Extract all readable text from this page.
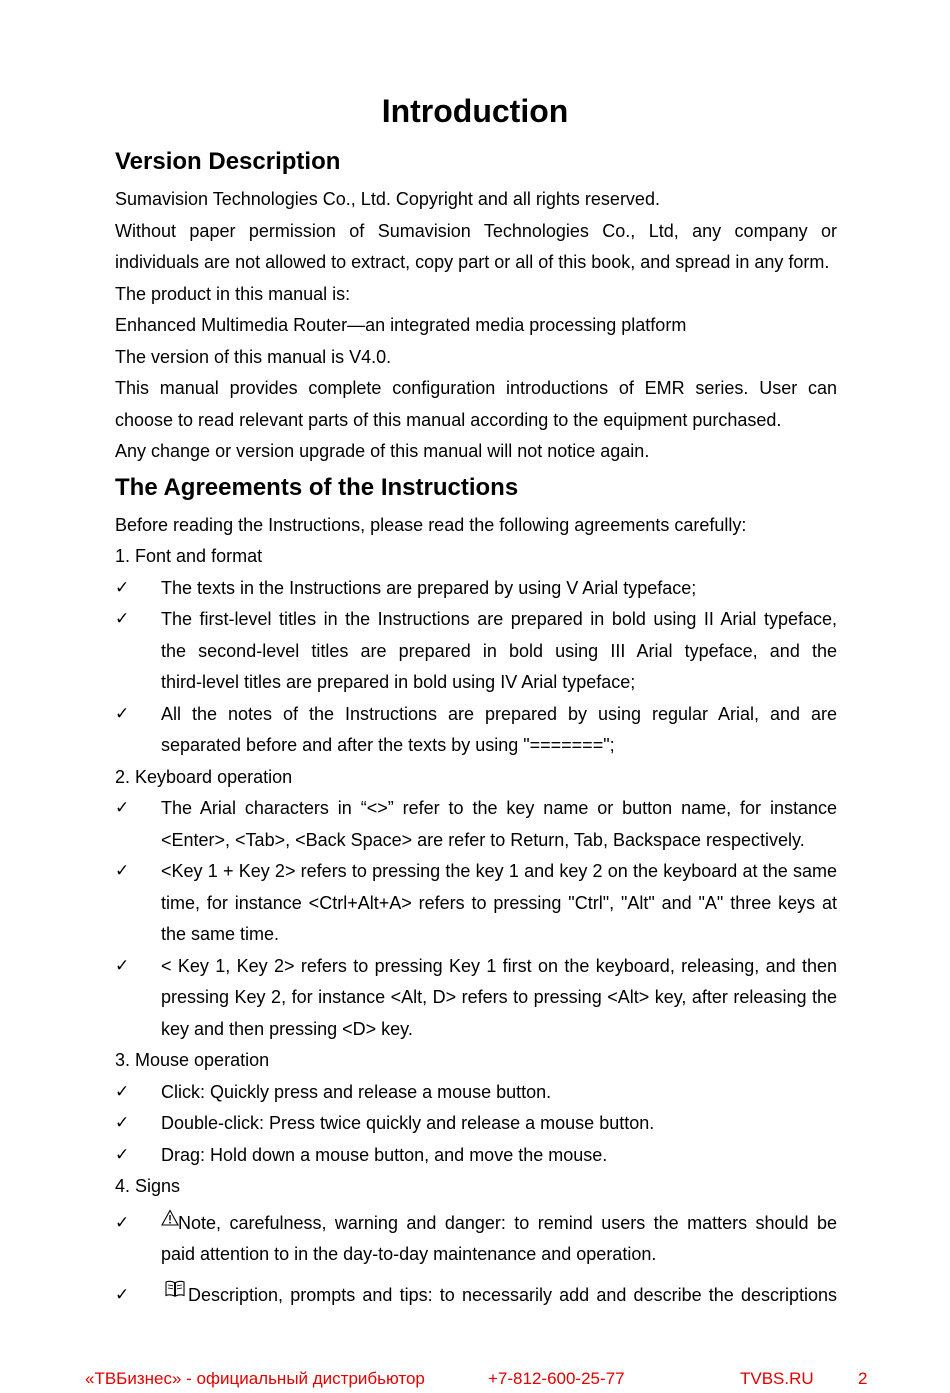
Introduction
Version Description
Sumavision Technologies Co., Ltd. Copyright and all rights reserved.
Without paper permission of Sumavision Technologies Co., Ltd, any company or
individuals are not allowed to extract, copy part or all of this book, and spread in any form.
The product in this manual is:
Enhanced Multimedia Router—an integrated media processing platform
The version of this manual is V4.0.
This manual provides complete configuration introductions of EMR series. User can
choose to read relevant parts of this manual according to the equipment purchased.
Any change or version upgrade of this manual will not notice again.
The Agreements of the Instructions
Before reading the Instructions, please read the following agreements carefully:
1. Font and format
✓ The texts in the Instructions are prepared by using V Arial typeface;
✓ The first-level titles in the Instructions are prepared in bold using II Arial typeface,
the second-level titles are prepared in bold using III Arial typeface, and the
third-level titles are prepared in bold using IV Arial typeface;
✓ All the notes of the Instructions are prepared by using regular Arial, and are
separated before and after the texts by using "=======";
2. Keyboard operation
✓ The Arial characters in “<>” refer to the key name or button name, for instance
<Enter>, <Tab>, <Back Space> are refer to Return, Tab, Backspace respectively.
✓ <Key 1 + Key 2> refers to pressing the key 1 and key 2 on the keyboard at the same
time, for instance <Ctrl+Alt+A> refers to pressing "Ctrl", "Alt" and "A" three keys at
the same time.
✓ < Key 1, Key 2> refers to pressing Key 1 first on the keyboard, releasing, and then
pressing Key 2, for instance <Alt, D> refers to pressing <Alt> key, after releasing the
key and then pressing <D> key.
3. Mouse operation
✓ Click: Quickly press and release a mouse button.
✓ Double-click: Press twice quickly and release a mouse button.
✓ Drag: Hold down a mouse button, and move the mouse.
4. Signs
✓	Note, carefulness, warning and danger: to remind users the matters should be
paid attention to in the day-to-day maintenance and operation.
✓	Description, prompts and tips: to necessarily add and describe the descriptions
«ТВБизнес» - официальный дистрибьютор	+7-812-600-25-77	TVBS.RU	2
